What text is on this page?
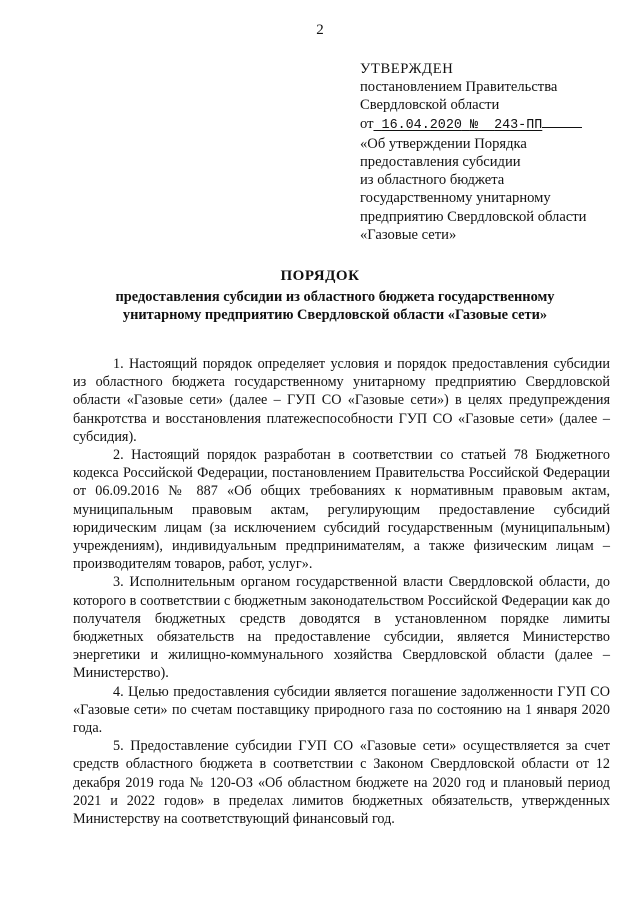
2
УТВЕРЖДЕН
постановлением Правительства
Свердловской области
от 16.04.2020 № 243-ПП
«Об утверждении Порядка
предоставления субсидии
из областного бюджета
государственному унитарному
предприятию Свердловской области
«Газовые сети»
ПОРЯДОК
предоставления субсидии из областного бюджета государственному унитарному предприятию Свердловской области «Газовые сети»

1. Настоящий порядок определяет условия и порядок предоставления субсидии из областного бюджета государственному унитарному предприятию Свердловской области «Газовые сети» (далее – ГУП СО «Газовые сети») в целях предупреждения банкротства и восстановления платежеспособности ГУП СО «Газовые сети» (далее – субсидия).

2. Настоящий порядок разработан в соответствии со статьей 78 Бюджетного кодекса Российской Федерации, постановлением Правительства Российской Федерации от 06.09.2016 № 887 «Об общих требованиях к нормативным правовым актам, муниципальным правовым актам, регулирующим предоставление субсидий юридическим лицам (за исключением субсидий государственным (муниципальным) учреждениям), индивидуальным предпринимателям, а также физическим лицам – производителям товаров, работ, услуг».

3. Исполнительным органом государственной власти Свердловской области, до которого в соответствии с бюджетным законодательством Российской Федерации как до получателя бюджетных средств доводятся в установленном порядке лимиты бюджетных обязательств на предоставление субсидии, является Министерство энергетики и жилищно-коммунального хозяйства Свердловской области (далее – Министерство).

4. Целью предоставления субсидии является погашение задолженности ГУП СО «Газовые сети» по счетам поставщику природного газа по состоянию на 1 января 2020 года.

5. Предоставление субсидии ГУП СО «Газовые сети» осуществляется за счет средств областного бюджета в соответствии с Законом Свердловской области от 12 декабря 2019 года № 120-ОЗ «Об областном бюджете на 2020 год и плановый период 2021 и 2022 годов» в пределах лимитов бюджетных обязательств, утвержденных Министерству на соответствующий финансовый год.
